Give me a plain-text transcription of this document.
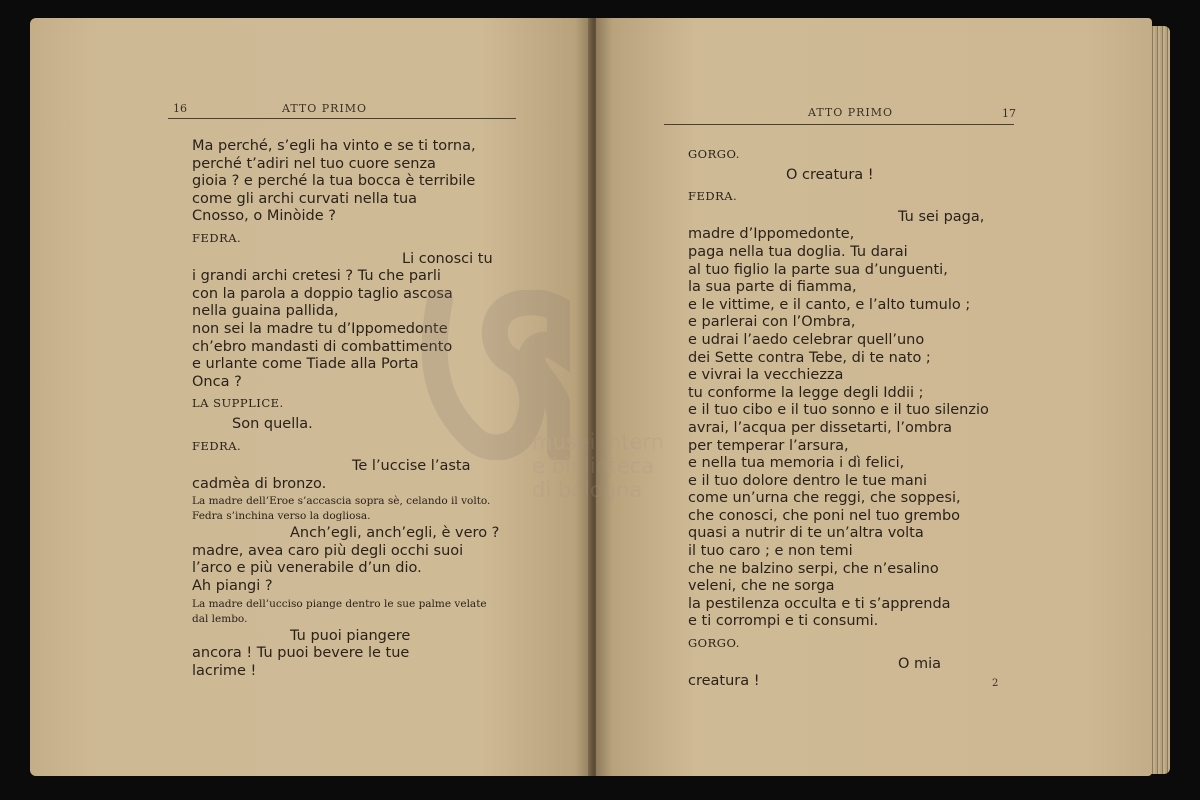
16	ATTO PRIMO
Ma perché, s’egli ha vinto e se ti torna,
perché t’adiri nel tuo cuore senza
gioia ? e perché la tua bocca è terribile
come gli archi curvati nella tua
Cnosso, o Minòide ?
FEDRA.
Li conosci tu
i grandi archi cretesi ? Tu che parli
con la parola a doppio taglio ascosa
nella guaina pallida,
non sei la madre tu d’Ippomedonte
ch’ebro mandasti di combattimento
e urlante come Tiade alla Porta
Onca ?
LA SUPPLICE.
Son quella.
FEDRA.
Te l’uccise l’asta
cadmèa di bronzo.
La madre dell’Eroe s’accascia sopra sè, celando il volto.
Fedra s’inchina verso la dogliosa.
Anch’egli, anch’egli, è vero ?
madre, avea caro più degli occhi suoi
l’arco e più venerabile d’un dio.
Ah piangi ?
La madre dell’ucciso piange dentro le sue palme velate
dal lembo.
Tu puoi piangere
ancora ! Tu puoi bevere le tue
lacrime !
ATTO PRIMO	17
GORGO.
O creatura !
FEDRA.
Tu sei paga,
madre d’Ippomedonte,
paga nella tua doglia. Tu darai
al tuo figlio la parte sua d’unguenti,
la sua parte di fiamma,
e le vittime, e il canto, e l’alto tumulo ;
e parlerai con l’Ombra,
e udrai l’aedo celebrar quell’uno
dei Sette contra Tebe, di te nato ;
e vivrai la vecchiezza
tu conforme la legge degli Iddii ;
e il tuo cibo e il tuo sonno e il tuo silenzio
avrai, l’acqua per dissetarti, l’ombra
per temperar l’arsura,
e nella tua memoria i dì felici,
e il tuo dolore dentro le tue mani
come un’urna che reggi, che soppesi,
che conosci, che poni nel tuo grembo
quasi a nutrir di te un’altra volta
il tuo caro ; e non temi
che ne balzino serpi, che n’esalino
veleni, che ne sorga
la pestilenza occulta e ti s’apprenda
e ti corrompi e ti consumi.
GORGO.
O mia
creatura !	2
musei intern
e biblioteca
di bologna
